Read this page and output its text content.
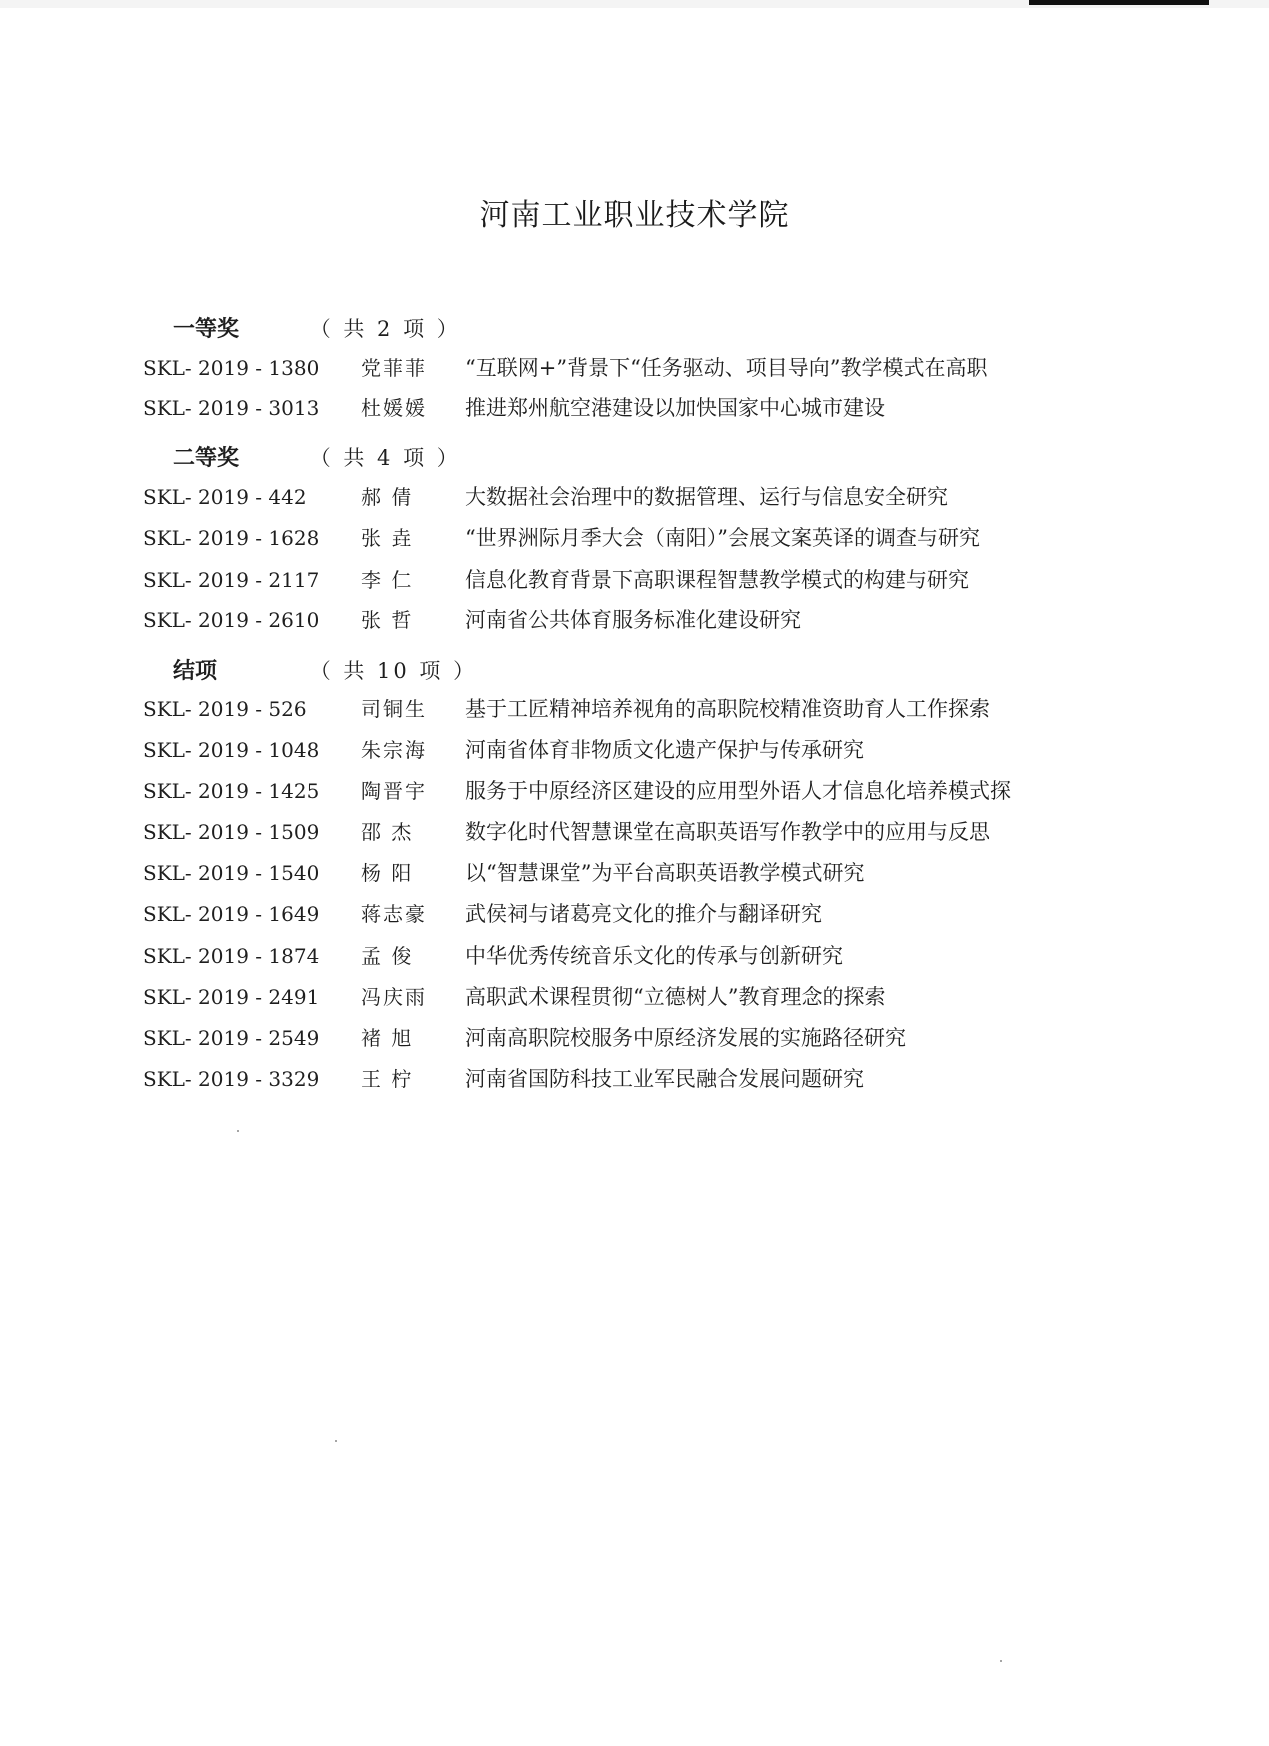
河南工业职业技术学院
一等奖	（ 共 2 项 ）
SKL- 2019 - 1380	党菲菲	“互联网+”背景下“任务驱动、项目导向”教学模式在高职
SKL- 2019 - 3013	杜媛媛	推进郑州航空港建设以加快国家中心城市建设
二等奖	（ 共 4 项 ）
SKL- 2019 - 442	郝 倩	大数据社会治理中的数据管理、运行与信息安全研究
SKL- 2019 - 1628	张 垚	“世界洲际月季大会（南阳）”会展文案英译的调查与研究
SKL- 2019 - 2117	李 仁	信息化教育背景下高职课程智慧教学模式的构建与研究
SKL- 2019 - 2610	张 哲	河南省公共体育服务标准化建设研究
结项	（ 共 10 项 ）
SKL- 2019 - 526	司铜生	基于工匠精神培养视角的高职院校精准资助育人工作探索
SKL- 2019 - 1048	朱宗海	河南省体育非物质文化遗产保护与传承研究
SKL- 2019 - 1425	陶晋宇	服务于中原经济区建设的应用型外语人才信息化培养模式探
SKL- 2019 - 1509	邵 杰	数字化时代智慧课堂在高职英语写作教学中的应用与反思
SKL- 2019 - 1540	杨 阳	以“智慧课堂”为平台高职英语教学模式研究
SKL- 2019 - 1649	蒋志豪	武侯祠与诸葛亮文化的推介与翻译研究
SKL- 2019 - 1874	孟 俊	中华优秀传统音乐文化的传承与创新研究
SKL- 2019 - 2491	冯庆雨	高职武术课程贯彻“立德树人”教育理念的探索
SKL- 2019 - 2549	褚 旭	河南高职院校服务中原经济发展的实施路径研究
SKL- 2019 - 3329	王 柠	河南省国防科技工业军民融合发展问题研究
